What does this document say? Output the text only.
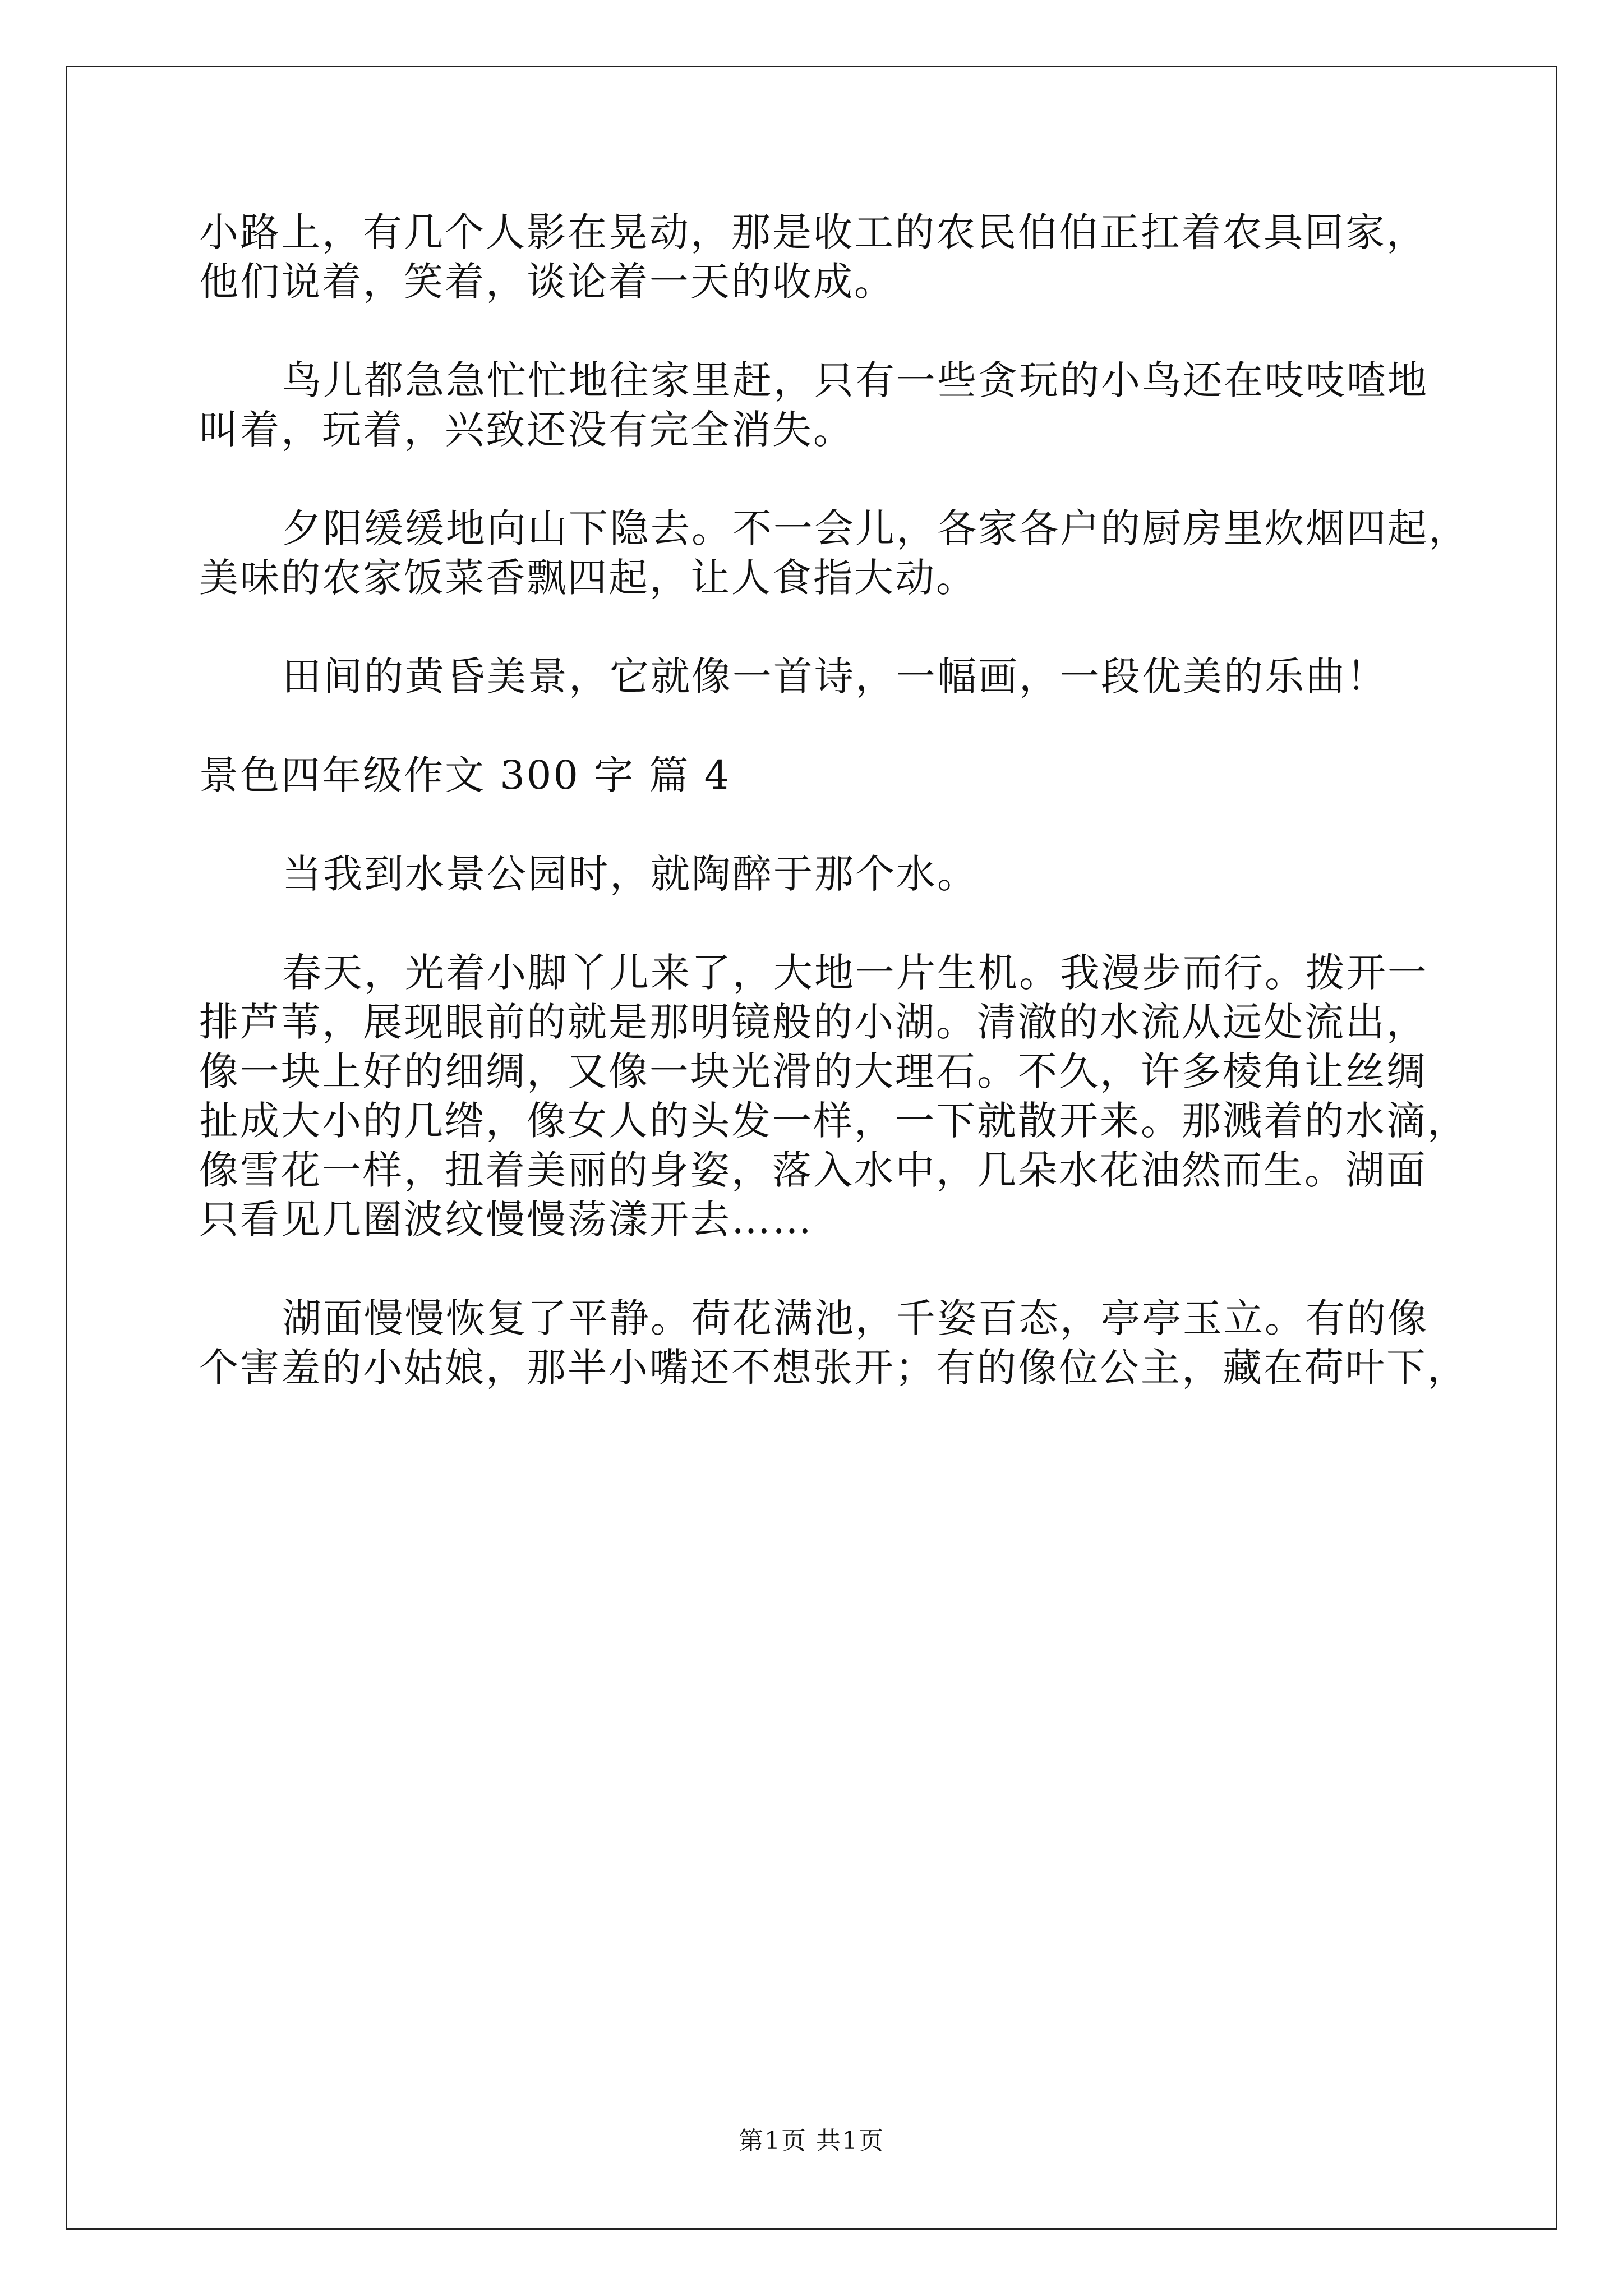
小路上，有几个人影在晃动，那是收工的农民伯伯正扛着农具回家，

他们说着，笑着，谈论着一天的收成。

鸟儿都急急忙忙地往家里赶，只有一些贪玩的小鸟还在吱吱喳地

叫着，玩着，兴致还没有完全消失。

夕阳缓缓地向山下隐去。不一会儿，各家各户的厨房里炊烟四起，

美味的农家饭菜香飘四起，让人食指大动。

田间的黄昏美景，它就像一首诗，一幅画，一段优美的乐曲！

景色四年级作文 300 字 篇 4

当我到水景公园时，就陶醉于那个水。

春天，光着小脚丫儿来了，大地一片生机。我漫步而行。拨开一

排芦苇，展现眼前的就是那明镜般的小湖。清澈的水流从远处流出，

像一块上好的细绸，又像一块光滑的大理石。不久，许多棱角让丝绸

扯成大小的几绺，像女人的头发一样，一下就散开来。那溅着的水滴，

像雪花一样，扭着美丽的身姿，落入水中，几朵水花油然而生。湖面

只看见几圈波纹慢慢荡漾开去……

湖面慢慢恢复了平静。荷花满池，千姿百态，亭亭玉立。有的像

个害羞的小姑娘，那半小嘴还不想张开；有的像位公主，藏在荷叶下，

第1页 共1页
